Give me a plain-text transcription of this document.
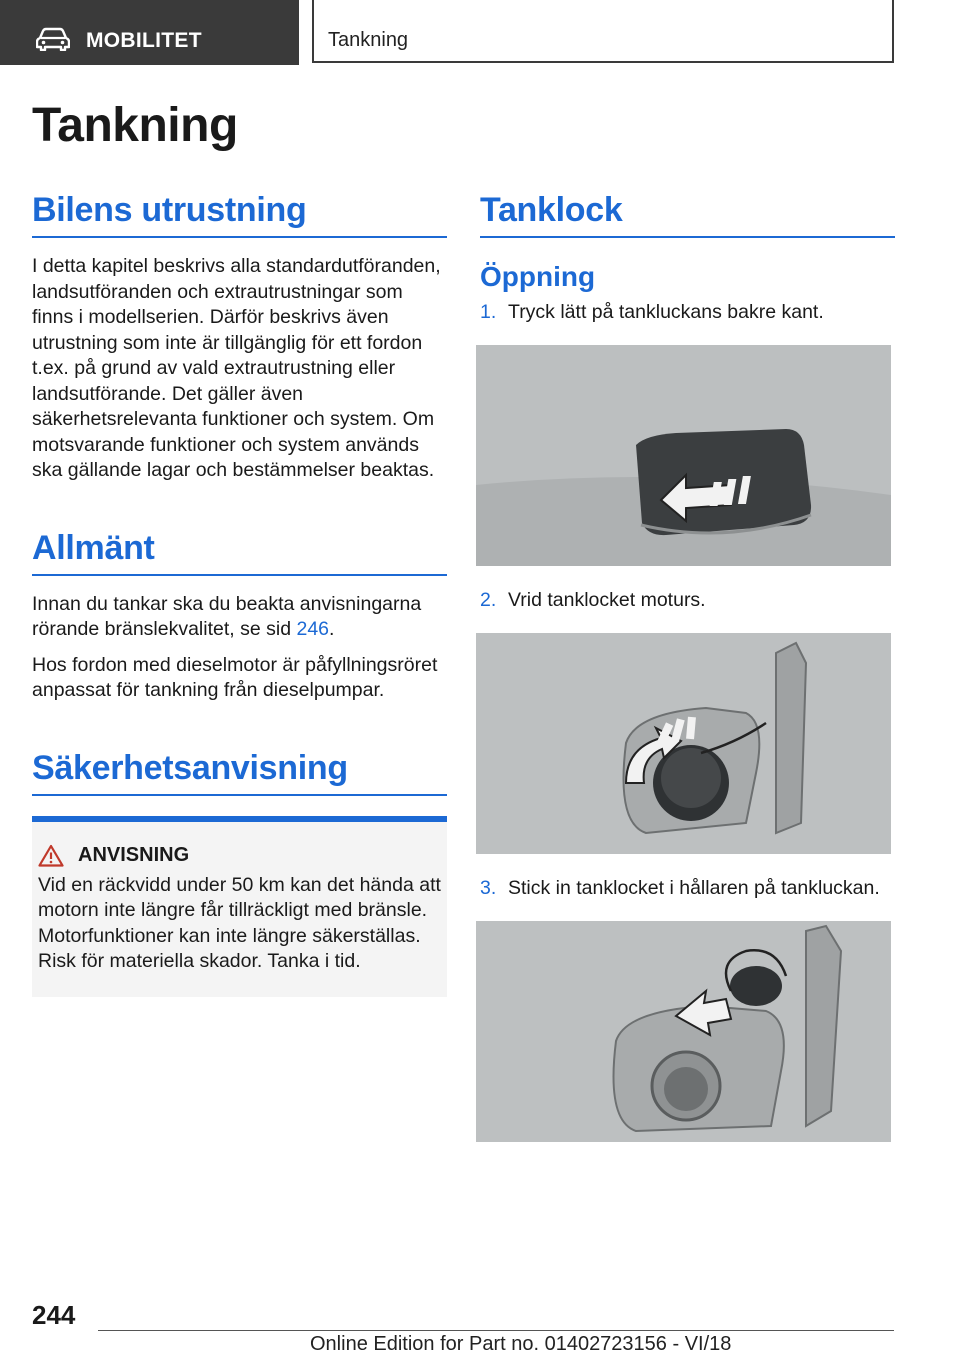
MOBILITET	Tankning
Tankning
Bilens utrustning

I detta kapitel beskrivs alla standardutföranden, landsutföranden och extrautrustningar som finns i modellserien. Därför beskrivs även utrustning som inte är tillgänglig för ett fordon t.ex. på grund av vald extrautrustning eller landsutförande. Det gäller även säkerhetsrelevanta funktioner och system. Om motsvarande funktioner och system används ska gällande lagar och bestämmelser beaktas.

Allmänt

Innan du tankar ska du beakta anvisningarna rörande bränslekvalitet, se sid 246.

Hos fordon med dieselmotor är påfyllningsröret anpassat för tankning från dieselpumpar.

Säkerhetsanvisning
ANVISNING
Vid en räckvidd under 50 km kan det hända att motorn inte längre får tillräckligt med bränsle. Motorfunktioner kan inte längre säkerställas. Risk för materiella skador. Tanka i tid.
Tanklock
Öppning
1. Tryck lätt på tankluckans bakre kant.
2. Vrid tanklocket moturs.
3. Stick in tanklocket i hållaren på tankluckan.
244
Online Edition for Part no. 01402723156 - VI/18
